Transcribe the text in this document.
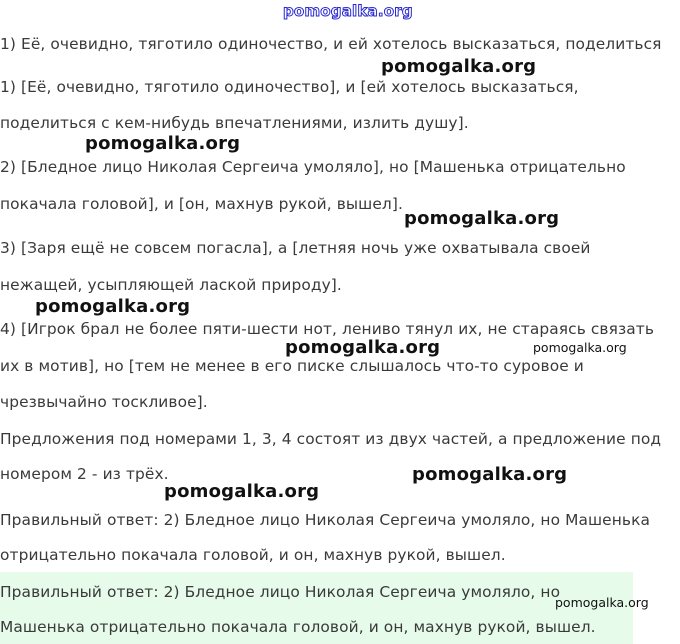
1) Её, очевидно, тяготило одиночество, и ей хотелось высказаться, поделиться
1) [Её, очевидно, тяготило одиночество], и [ей хотелось высказаться,
поделиться с кем-нибудь впечатлениями, излить душу].
2) [Бледное лицо Николая Сергеича умоляло], но [Машенька отрицательно
покачала головой], и [он, махнув рукой, вышел].
3) [Заря ещё не совсем погасла], а [летняя ночь уже охватывала своей
нежащей, усыпляющей лаской природу].
4) [Игрок брал не более пяти-шести нот, лениво тянул их, не стараясь связать
их в мотив], но [тем не менее в его писке слышалось что-то суровое и
чрезвычайно тоскливое].
Предложения под номерами 1, 3, 4 состоят из двух частей, а предложение под
номером 2 - из трёх.
Правильный ответ: 2) Бледное лицо Николая Сергеича умоляло, но Машенька
отрицательно покачала головой, и он, махнув рукой, вышел.
Правильный ответ: 2) Бледное лицо Николая Сергеича умоляло, но
Машенька отрицательно покачала головой, и он, махнув рукой, вышел.
pomogalka.org
pomogalka.org
pomogalka.org
pomogalka.org
pomogalka.org
pomogalka.org	pomogalka.org
pomogalka.org
pomogalka.org
pomogalka.org
